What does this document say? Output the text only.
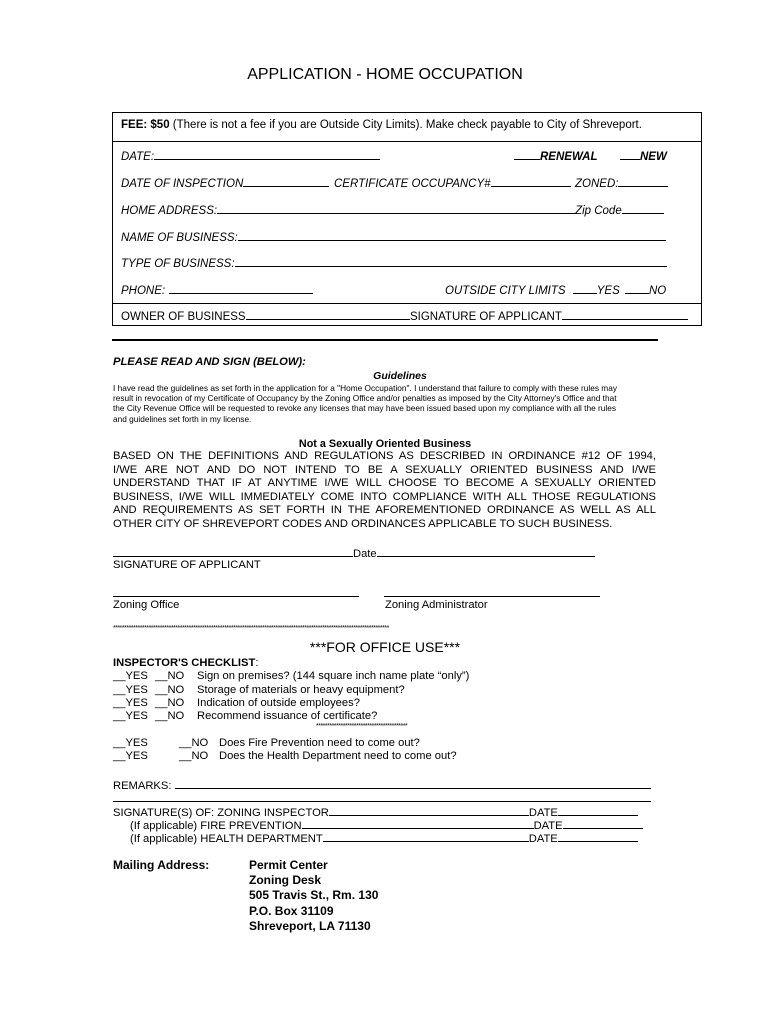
APPLICATION - HOME OCCUPATION
FEE: $50 (There is not a fee if you are Outside City Limits). Make check payable to City of Shreveport.
DATE:	RENEWAL	NEW
DATE OF INSPECTION	CERTIFICATE OCCUPANCY#	ZONED:
HOME ADDRESS:	Zip Code
NAME OF BUSINESS:
TYPE OF BUSINESS:
PHONE:	OUTSIDE CITY LIMITS	YES	NO
OWNER OF BUSINESS	SIGNATURE OF APPLICANT
PLEASE READ AND SIGN (BELOW):
Guidelines
I have read the guidelines as set forth in the application for a "Home Occupation". I understand that failure to comply with these rules may
result in revocation of my Certificate of Occupancy by the Zoning Office and/or penalties as imposed by the City Attorney's Office and that
the City Revenue Office will be requested to revoke any licenses that may have been issued based upon my compliance with all the rules
and guidelines set forth in my license.
Not a Sexually Oriented Business
BASED ON THE DEFINITIONS AND REGULATIONS AS DESCRIBED IN ORDINANCE #12 OF 1994,
I/WE ARE NOT AND DO NOT INTEND TO BE A SEXUALLY ORIENTED BUSINESS AND I/WE
UNDERSTAND THAT IF AT ANYTIME I/WE WILL CHOOSE TO BECOME A SEXUALLY ORIENTED
BUSINESS, I/WE WILL IMMEDIATELY COME INTO COMPLIANCE WITH ALL THOSE REGULATIONS
AND REQUIREMENTS AS SET FORTH IN THE AFOREMENTIONED ORDINANCE AS WELL AS ALL
OTHER CITY OF SHREVEPORT CODES AND ORDINANCES APPLICABLE TO SUCH BUSINESS.
Date
SIGNATURE OF APPLICANT
Zoning Office	Zoning Administrator
****************************************************************************************************************************
***FOR OFFICE USE***
INSPECTOR'S CHECKLIST:
__YES __NO Sign on premises? (144 square inch name plate “only”)
__YES __NO Storage of materials or heavy equipment?
__YES __NO Indication of outside employees?
__YES __NO Recommend issuance of certificate?
*****************************************
__YES	__NO Does Fire Prevention need to come out?
__YES	__NO Does the Health Department need to come out?
REMARKS:
SIGNATURE(S) OF: ZONING INSPECTOR	DATE
(If applicable) FIRE PREVENTION	DATE
(If applicable) HEALTH DEPARTMENT	DATE
Mailing Address:	Permit Center
Zoning Desk
505 Travis St., Rm. 130
P.O. Box 31109
Shreveport, LA 71130
